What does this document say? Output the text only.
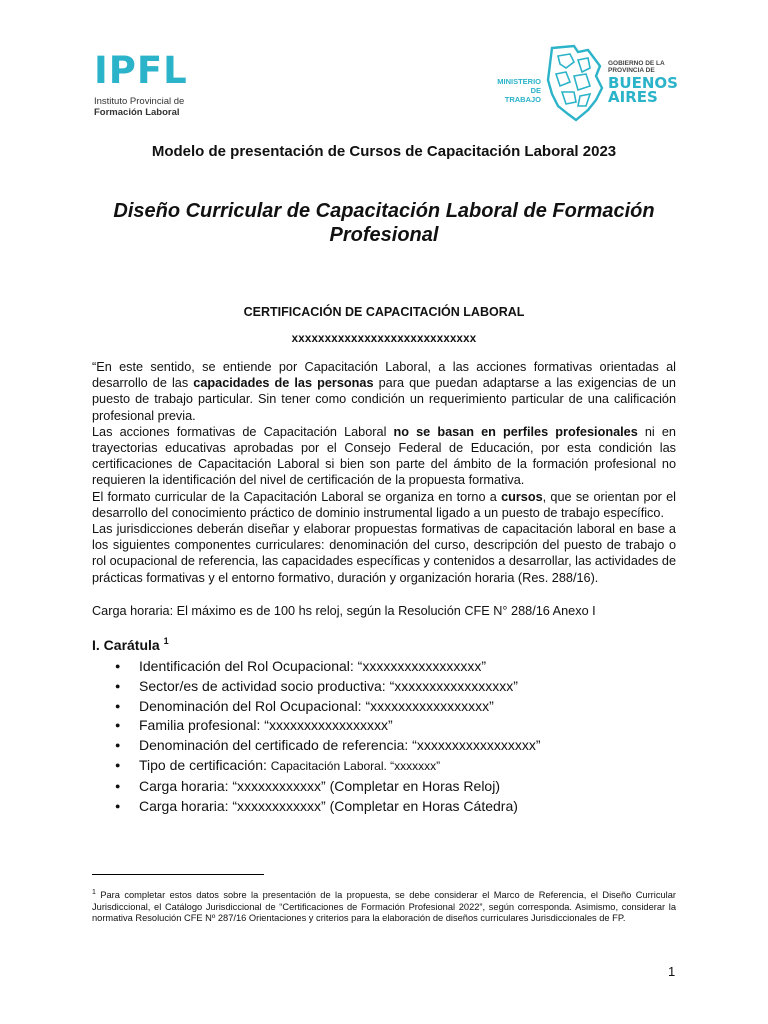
IPFL
Instituto Provincial de
Formación Laboral
MINISTERIO DE
TRABAJO
GOBIERNO DE LA
PROVINCIA DE
BUENOS
AIRES
Modelo de presentación de Cursos de Capacitación Laboral 2023
Diseño Curricular de Capacitación Laboral de Formación Profesional
CERTIFICACIÓN DE CAPACITACIÓN LABORAL
xxxxxxxxxxxxxxxxxxxxxxxxxxxx

“En este sentido, se entiende por Capacitación Laboral, a las acciones formativas orientadas al desarrollo de las capacidades de las personas para que puedan adaptarse a las exigencias de un puesto de trabajo particular. Sin tener como condición un requerimiento particular de una calificación profesional previa.

Las acciones formativas de Capacitación Laboral no se basan en perfiles profesionales ni en trayectorias educativas aprobadas por el Consejo Federal de Educación, por esta condición las certificaciones de Capacitación Laboral si bien son parte del ámbito de la formación profesional no requieren la identificación del nivel de certificación de la propuesta formativa.

El formato curricular de la Capacitación Laboral se organiza en torno a cursos, que se orientan por el desarrollo del conocimiento práctico de dominio instrumental ligado a un puesto de trabajo específico.

Las jurisdicciones deberán diseñar y elaborar propuestas formativas de capacitación laboral en base a los siguientes componentes curriculares: denominación del curso, descripción del puesto de trabajo o rol ocupacional de referencia, las capacidades específicas y contenidos a desarrollar, las actividades de prácticas formativas y el entorno formativo, duración y organización horaria (Res. 288/16).

Carga horaria: El máximo es de 100 hs reloj, según la Resolución CFE N° 288/16 Anexo I
I. Carátula $^1$
● Identificación del Rol Ocupacional: “xxxxxxxxxxxxxxxxx”
● Sector/es de actividad socio productiva: “xxxxxxxxxxxxxxxxx”
● Denominación del Rol Ocupacional: “xxxxxxxxxxxxxxxxx”
● Familia profesional: “xxxxxxxxxxxxxxxxx”
● Denominación del certificado de referencia: “xxxxxxxxxxxxxxxxx”
● Tipo de certificación: Capacitación Laboral. “xxxxxxx”
● Carga horaria: “xxxxxxxxxxxx” (Completar en Horas Reloj)
● Carga horaria: “xxxxxxxxxxxx” (Completar en Horas Cátedra)
$^1$ Para completar estos datos sobre la presentación de la propuesta, se debe considerar el Marco de Referencia, el Diseño Curricular Jurisdiccional, el Catálogo Jurisdiccional de “Certificaciones de Formación Profesional 2022”, según corresponda. Asimismo, considerar la normativa Resolución CFE Nº 287/16 Orientaciones y criterios para la elaboración de diseños curriculares Jurisdiccionales de FP.
1
